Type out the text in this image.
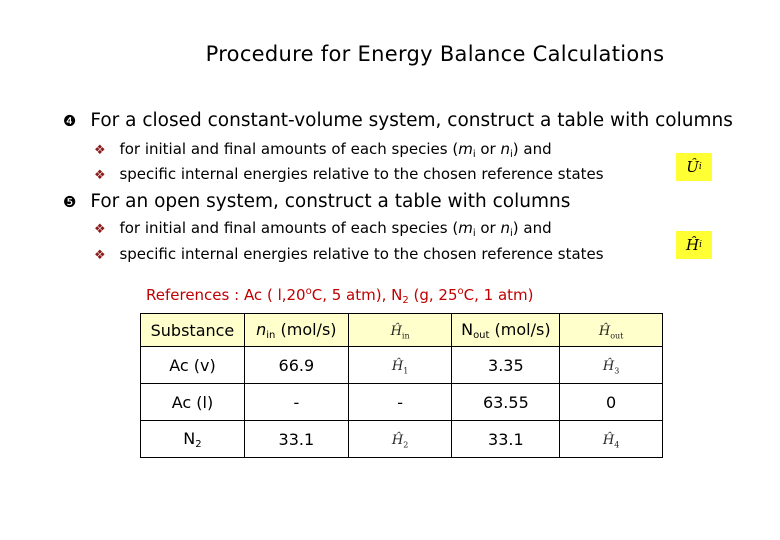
Procedure for Energy Balance Calculations
❹ For a closed constant-volume system, construct a table with columns
❖ for initial and final amounts of each species ($m_i$ or $n_i$) and
❖ specific internal energies relative to the chosen reference states	Û i
❺ For an open system, construct a table with columns
❖ for initial and final amounts of each species ($m_i$ or $n_i$) and
❖ specific internal energies relative to the chosen reference states	Ĥ i
References : Ac ( l,20$^o$C, 5 atm), $N_2$ (g, 25$^o$C, 1 atm)
Substance	$n_{in}$ (mol/s)	$Ĥ_{in}$	$N_{out}$ (mol/s)	$Ĥ_{out}$
Ac (v)	66.9	$Ĥ_1$	3.35	$Ĥ_3$
Ac (l)	-	-	63.55	0
$N_2$	33.1	$Ĥ_2$	33.1	$Ĥ_4$
